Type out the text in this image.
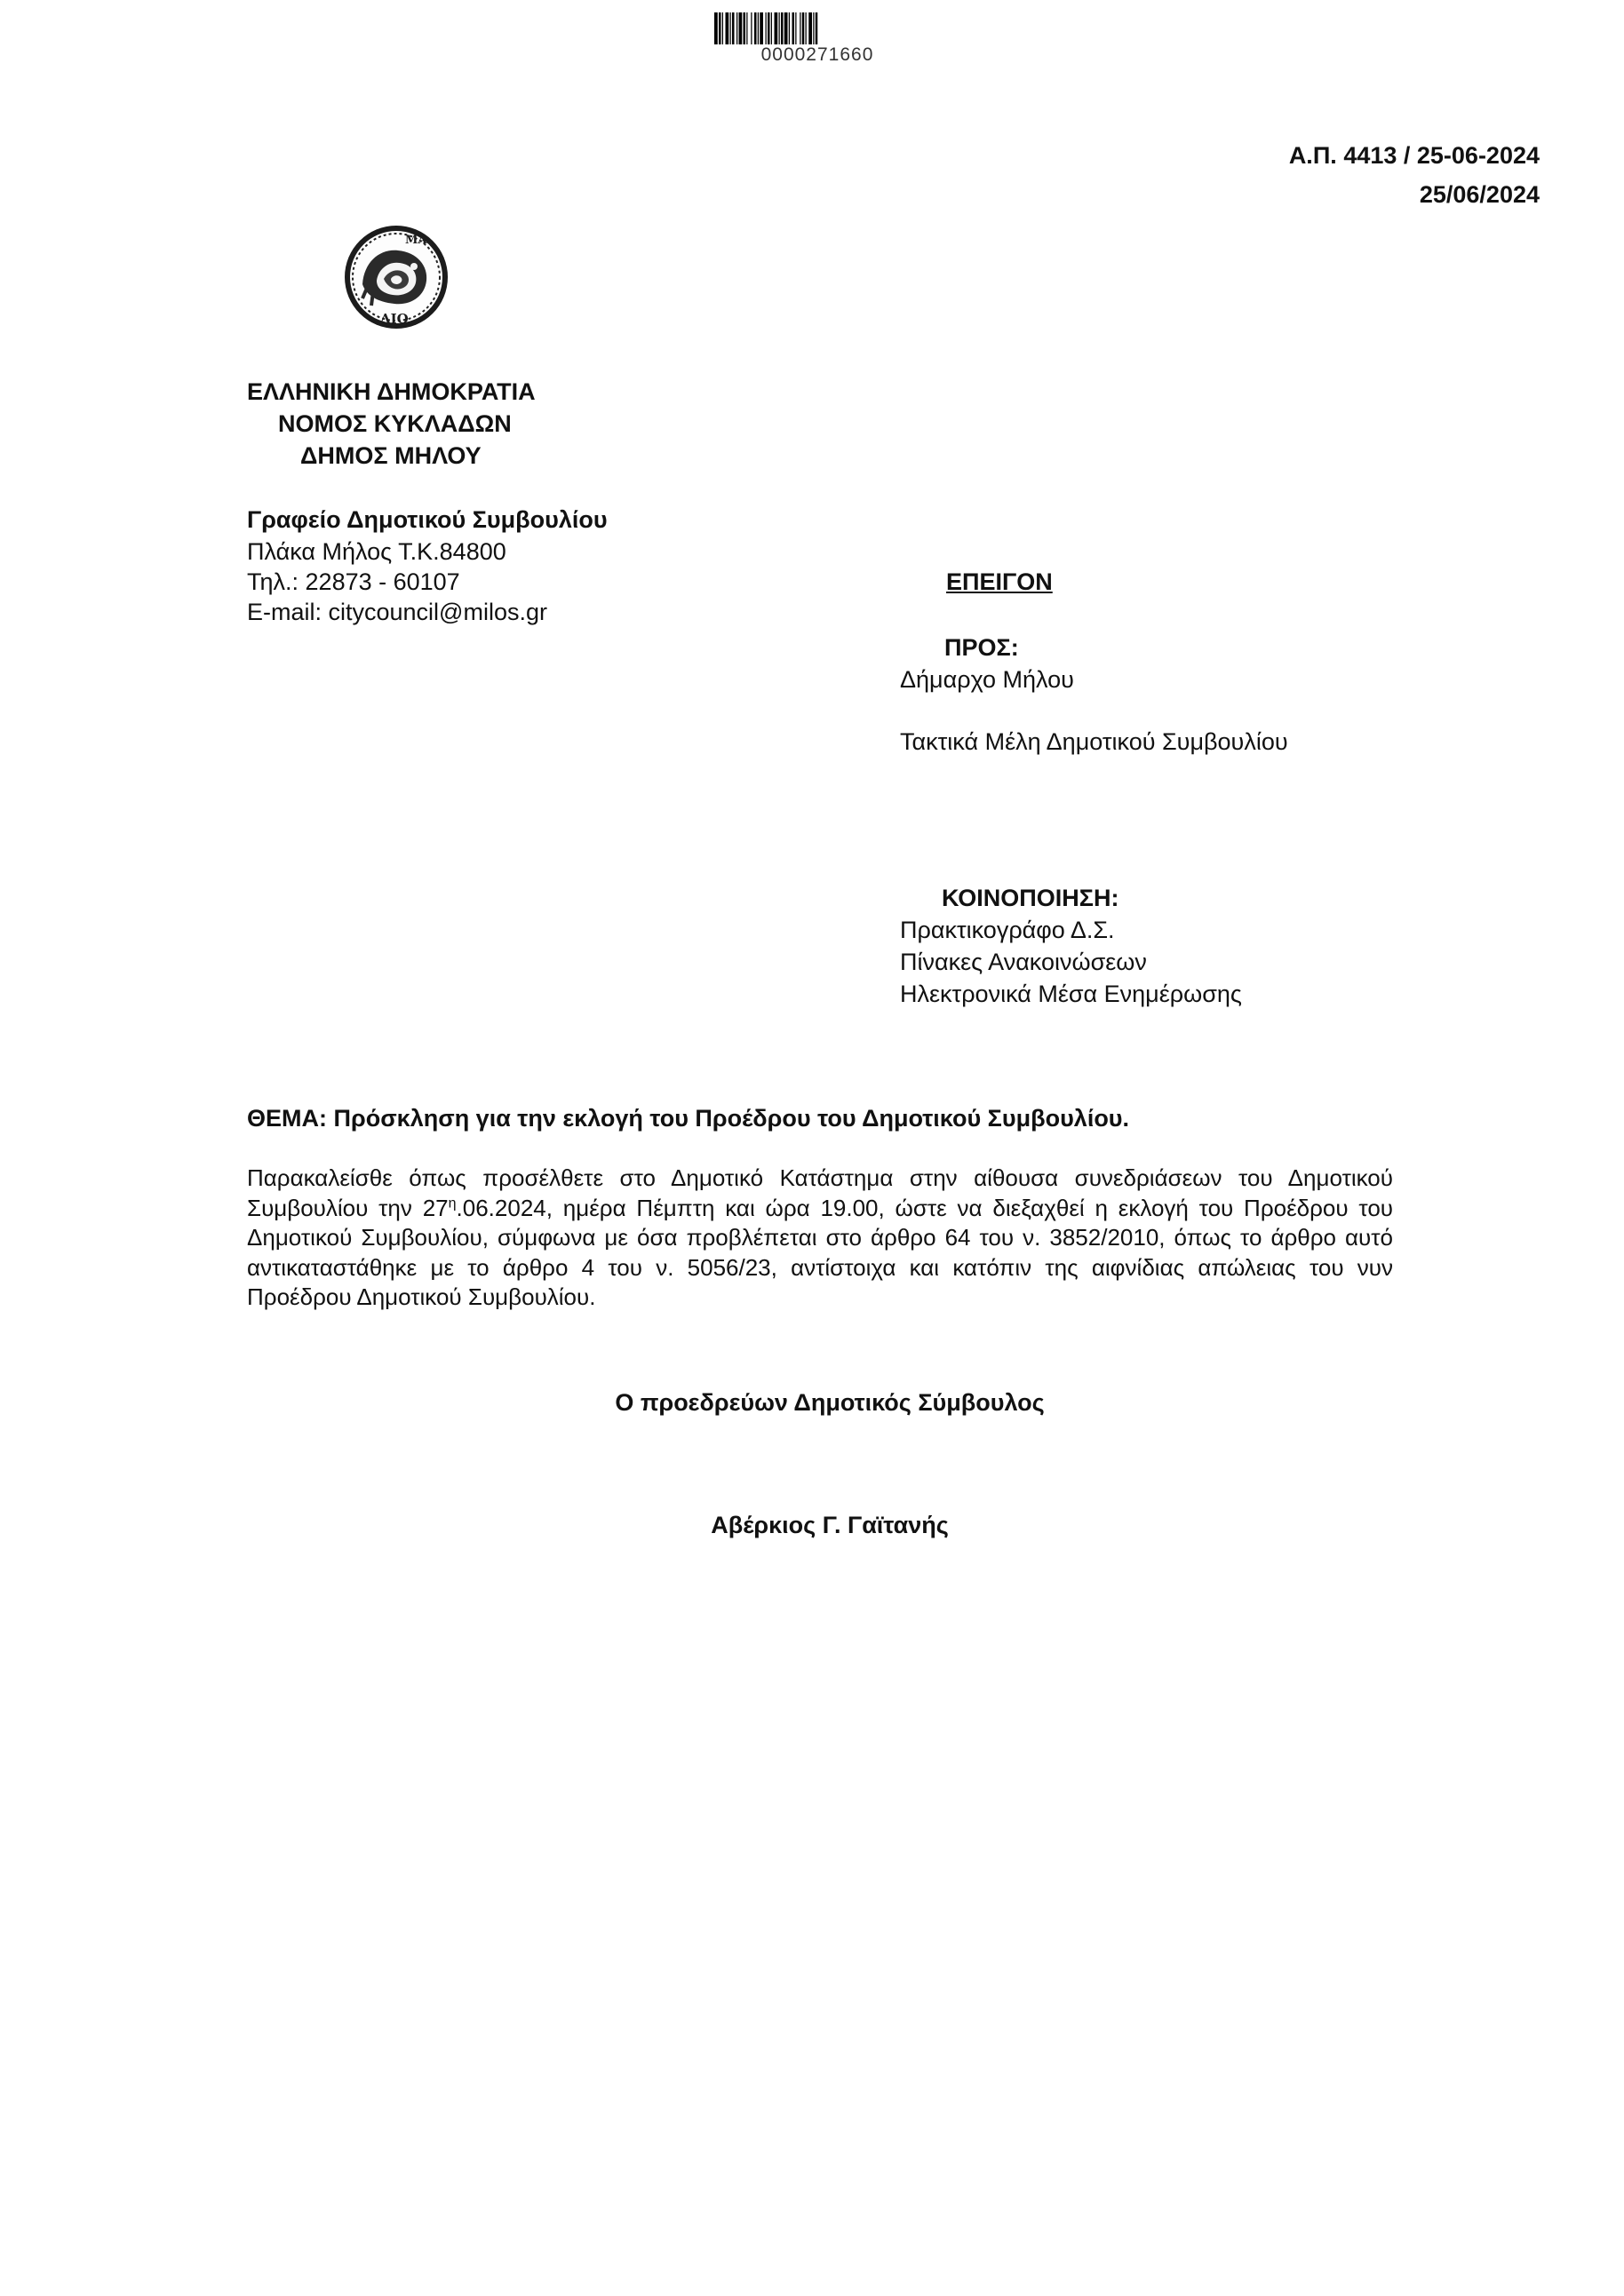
0000271660
Α.Π. 4413 / 25-06-2024
25/06/2024
ΜΑ
ΛΙΟ
ΕΛΛΗΝΙΚΗ ΔΗΜΟΚΡΑΤΙΑ
ΝΟΜΟΣ ΚΥΚΛΑΔΩΝ
ΔΗΜΟΣ ΜΗΛΟΥ
Γραφείο Δημοτικού Συμβουλίου
Πλάκα Μήλος Τ.Κ.84800
Τηλ.: 22873 - 60107
E-mail: citycouncil@milos.gr
ΕΠΕΙΓΟΝ
ΠΡΟΣ:
Δήμαρχο Μήλου
Τακτικά Μέλη Δημοτικού Συμβουλίου
ΚΟΙΝΟΠΟΙΗΣΗ:
Πρακτικογράφο Δ.Σ.
Πίνακες Ανακοινώσεων
Ηλεκτρονικά Μέσα Ενημέρωσης
ΘΕΜΑ: Πρόσκληση για την εκλογή του Προέδρου του Δημοτικού Συμβουλίου.
Παρακαλείσθε όπως προσέλθετε στο Δημοτικό Κατάστημα στην αίθουσα συνεδριάσεων του Δημοτικού Συμβουλίου την $27^\eta.06.2024$, ημέρα Πέμπτη και ώρα 19.00, ώστε να διεξαχθεί η εκλογή του Προέδρου του Δημοτικού Συμβουλίου, σύμφωνα με όσα προβλέπεται στο άρθρο 64 του ν. 3852/2010, όπως το άρθρο αυτό αντικαταστάθηκε με το άρθρο 4 του ν. 5056/23, αντίστοιχα και κατόπιν της αιφνίδιας απώλειας του νυν Προέδρου Δημοτικού Συμβουλίου.
Ο προεδρεύων Δημοτικός Σύμβουλος
Αβέρκιος Γ. Γαϊτανής
